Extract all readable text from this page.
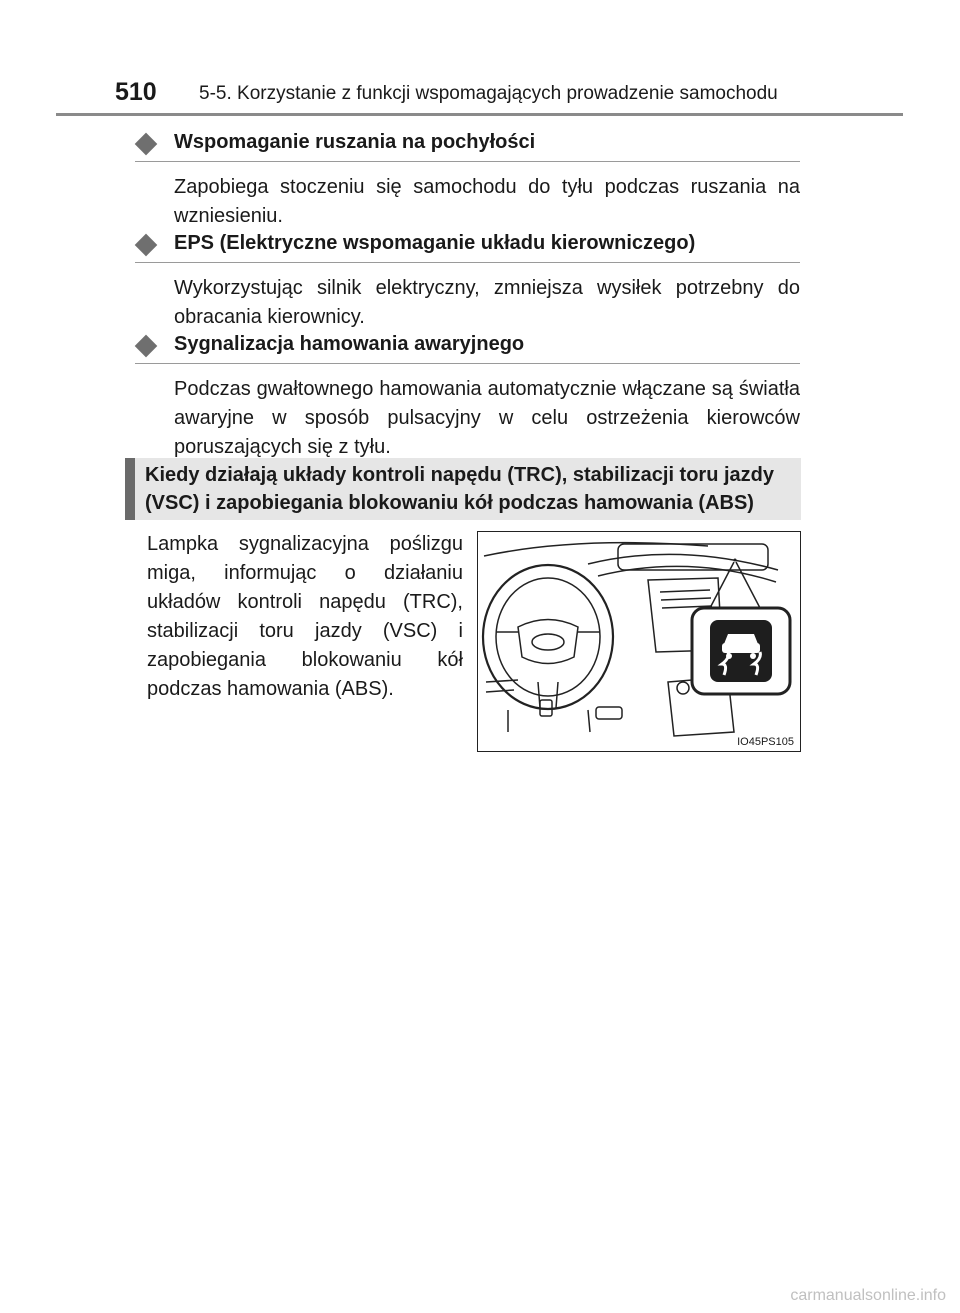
510 5-5. Korzystanie z funkcji wspomagających prowadzenie samochodu
Wspomaganie ruszania na pochyłości
Zapobiega stoczeniu się samochodu do tyłu podczas ruszania na wzniesieniu.
EPS (Elektryczne wspomaganie układu kierowniczego)
Wykorzystując silnik elektryczny, zmniejsza wysiłek potrzebny do obracania kierownicy.
Sygnalizacja hamowania awaryjnego
Podczas gwałtownego hamowania automatycznie włączane są światła awaryjne w sposób pulsacyjny w celu ostrzeżenia kierowców poruszających się z tyłu.
Kiedy działają układy kontroli napędu (TRC), stabilizacji toru jazdy (VSC) i zapobiegania blokowaniu kół podczas hamowania (ABS)
Lampka sygnalizacyjna poślizgu miga, informując o działaniu układów kontroli napędu (TRC), stabilizacji toru jazdy (VSC) i zapobiegania blokowaniu kół podczas hamowania (ABS).
IO45PS105
carmanualsonline.info
